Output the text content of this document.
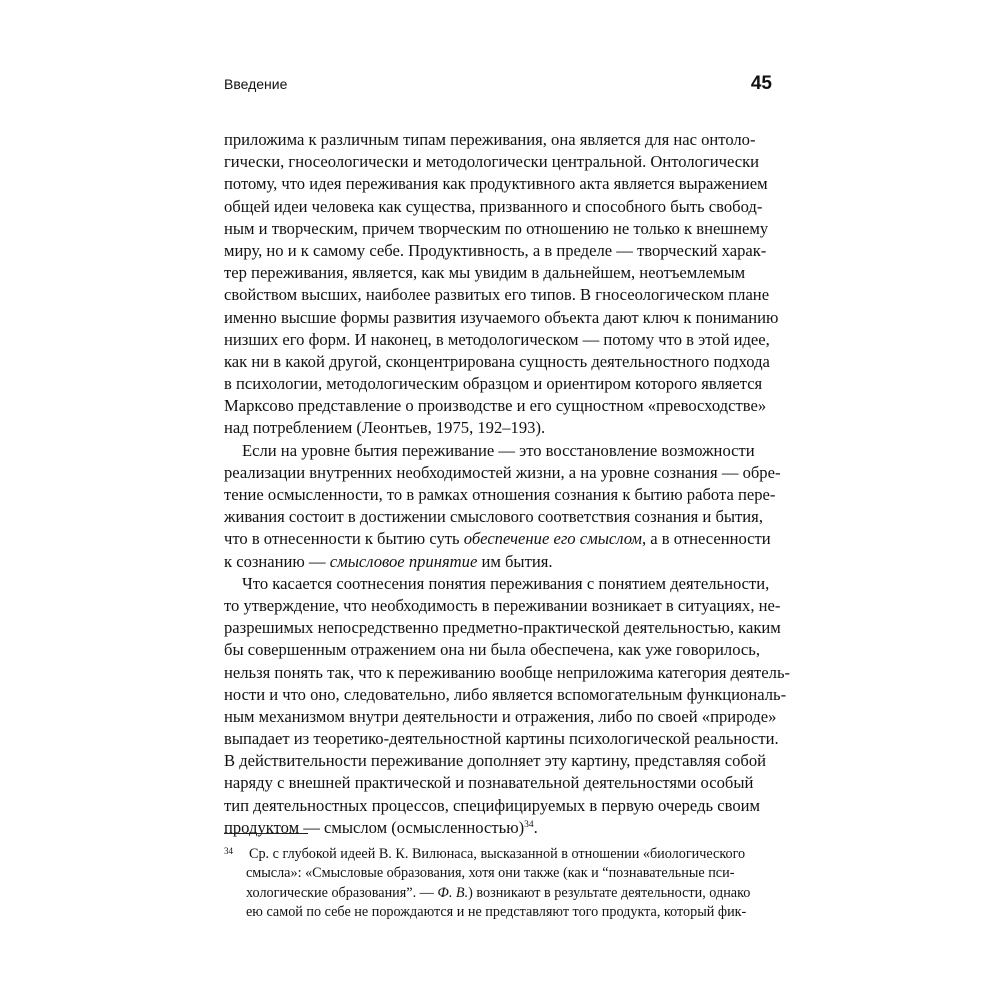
Введение	45
приложима к различным типам переживания, она является для нас онтоло-
гически, гносеологически и методологически центральной. Онтологически
потому, что идея переживания как продуктивного акта является выражением
общей идеи человека как существа, призванного и способного быть свобод-
ным и творческим, причем творческим по отношению не только к внешнему
миру, но и к самому себе. Продуктивность, а в пределе — творческий харак-
тер переживания, является, как мы увидим в дальнейшем, неотъемлемым
свойством высших, наиболее развитых его типов. В гносеологическом плане
именно высшие формы развития изучаемого объекта дают ключ к пониманию
низших его форм. И наконец, в методологическом — потому что в этой идее,
как ни в какой другой, сконцентрирована сущность деятельностного подхода
в психологии, методологическим образцом и ориентиром которого является
Марксово представление о производстве и его сущностном «превосходстве»
над потреблением (Леонтьев, 1975, 192–193).
Если на уровне бытия переживание — это восстановление возможности
реализации внутренних необходимостей жизни, а на уровне сознания — обре-
тение осмысленности, то в рамках отношения сознания к бытию работа пере-
живания состоит в достижении смыслового соответствия сознания и бытия,
что в отнесенности к бытию суть обеспечение его смыслом, а в отнесенности
к сознанию — смысловое принятие им бытия.
Что касается соотнесения понятия переживания с понятием деятельности,
то утверждение, что необходимость в переживании возникает в ситуациях, не-
разрешимых непосредственно предметно-практической деятельностью, каким
бы совершенным отражением она ни была обеспечена, как уже говорилось,
нельзя понять так, что к переживанию вообще неприложима категория деятель-
ности и что оно, следовательно, либо является вспомогательным функциональ-
ным механизмом внутри деятельности и отражения, либо по своей «природе»
выпадает из теоретико-деятельностной картины психологической реальности.
В действительности переживание дополняет эту картину, представляя собой
наряду с внешней практической и познавательной деятельностями особый
тип деятельностных процессов, специфицируемых в первую очередь своим
продуктом — смыслом (осмысленностью)$^{34}$.
$^{34}$ Ср. с глубокой идеей В. К. Вилюнаса, высказанной в отношении «биологического
смысла»: «Смысловые образования, хотя они также (как и “познавательные пси-
хологические образования”. — Ф. В.) возникают в результате деятельности, однако
ею самой по себе не порождаются и не представляют того продукта, который фик-
